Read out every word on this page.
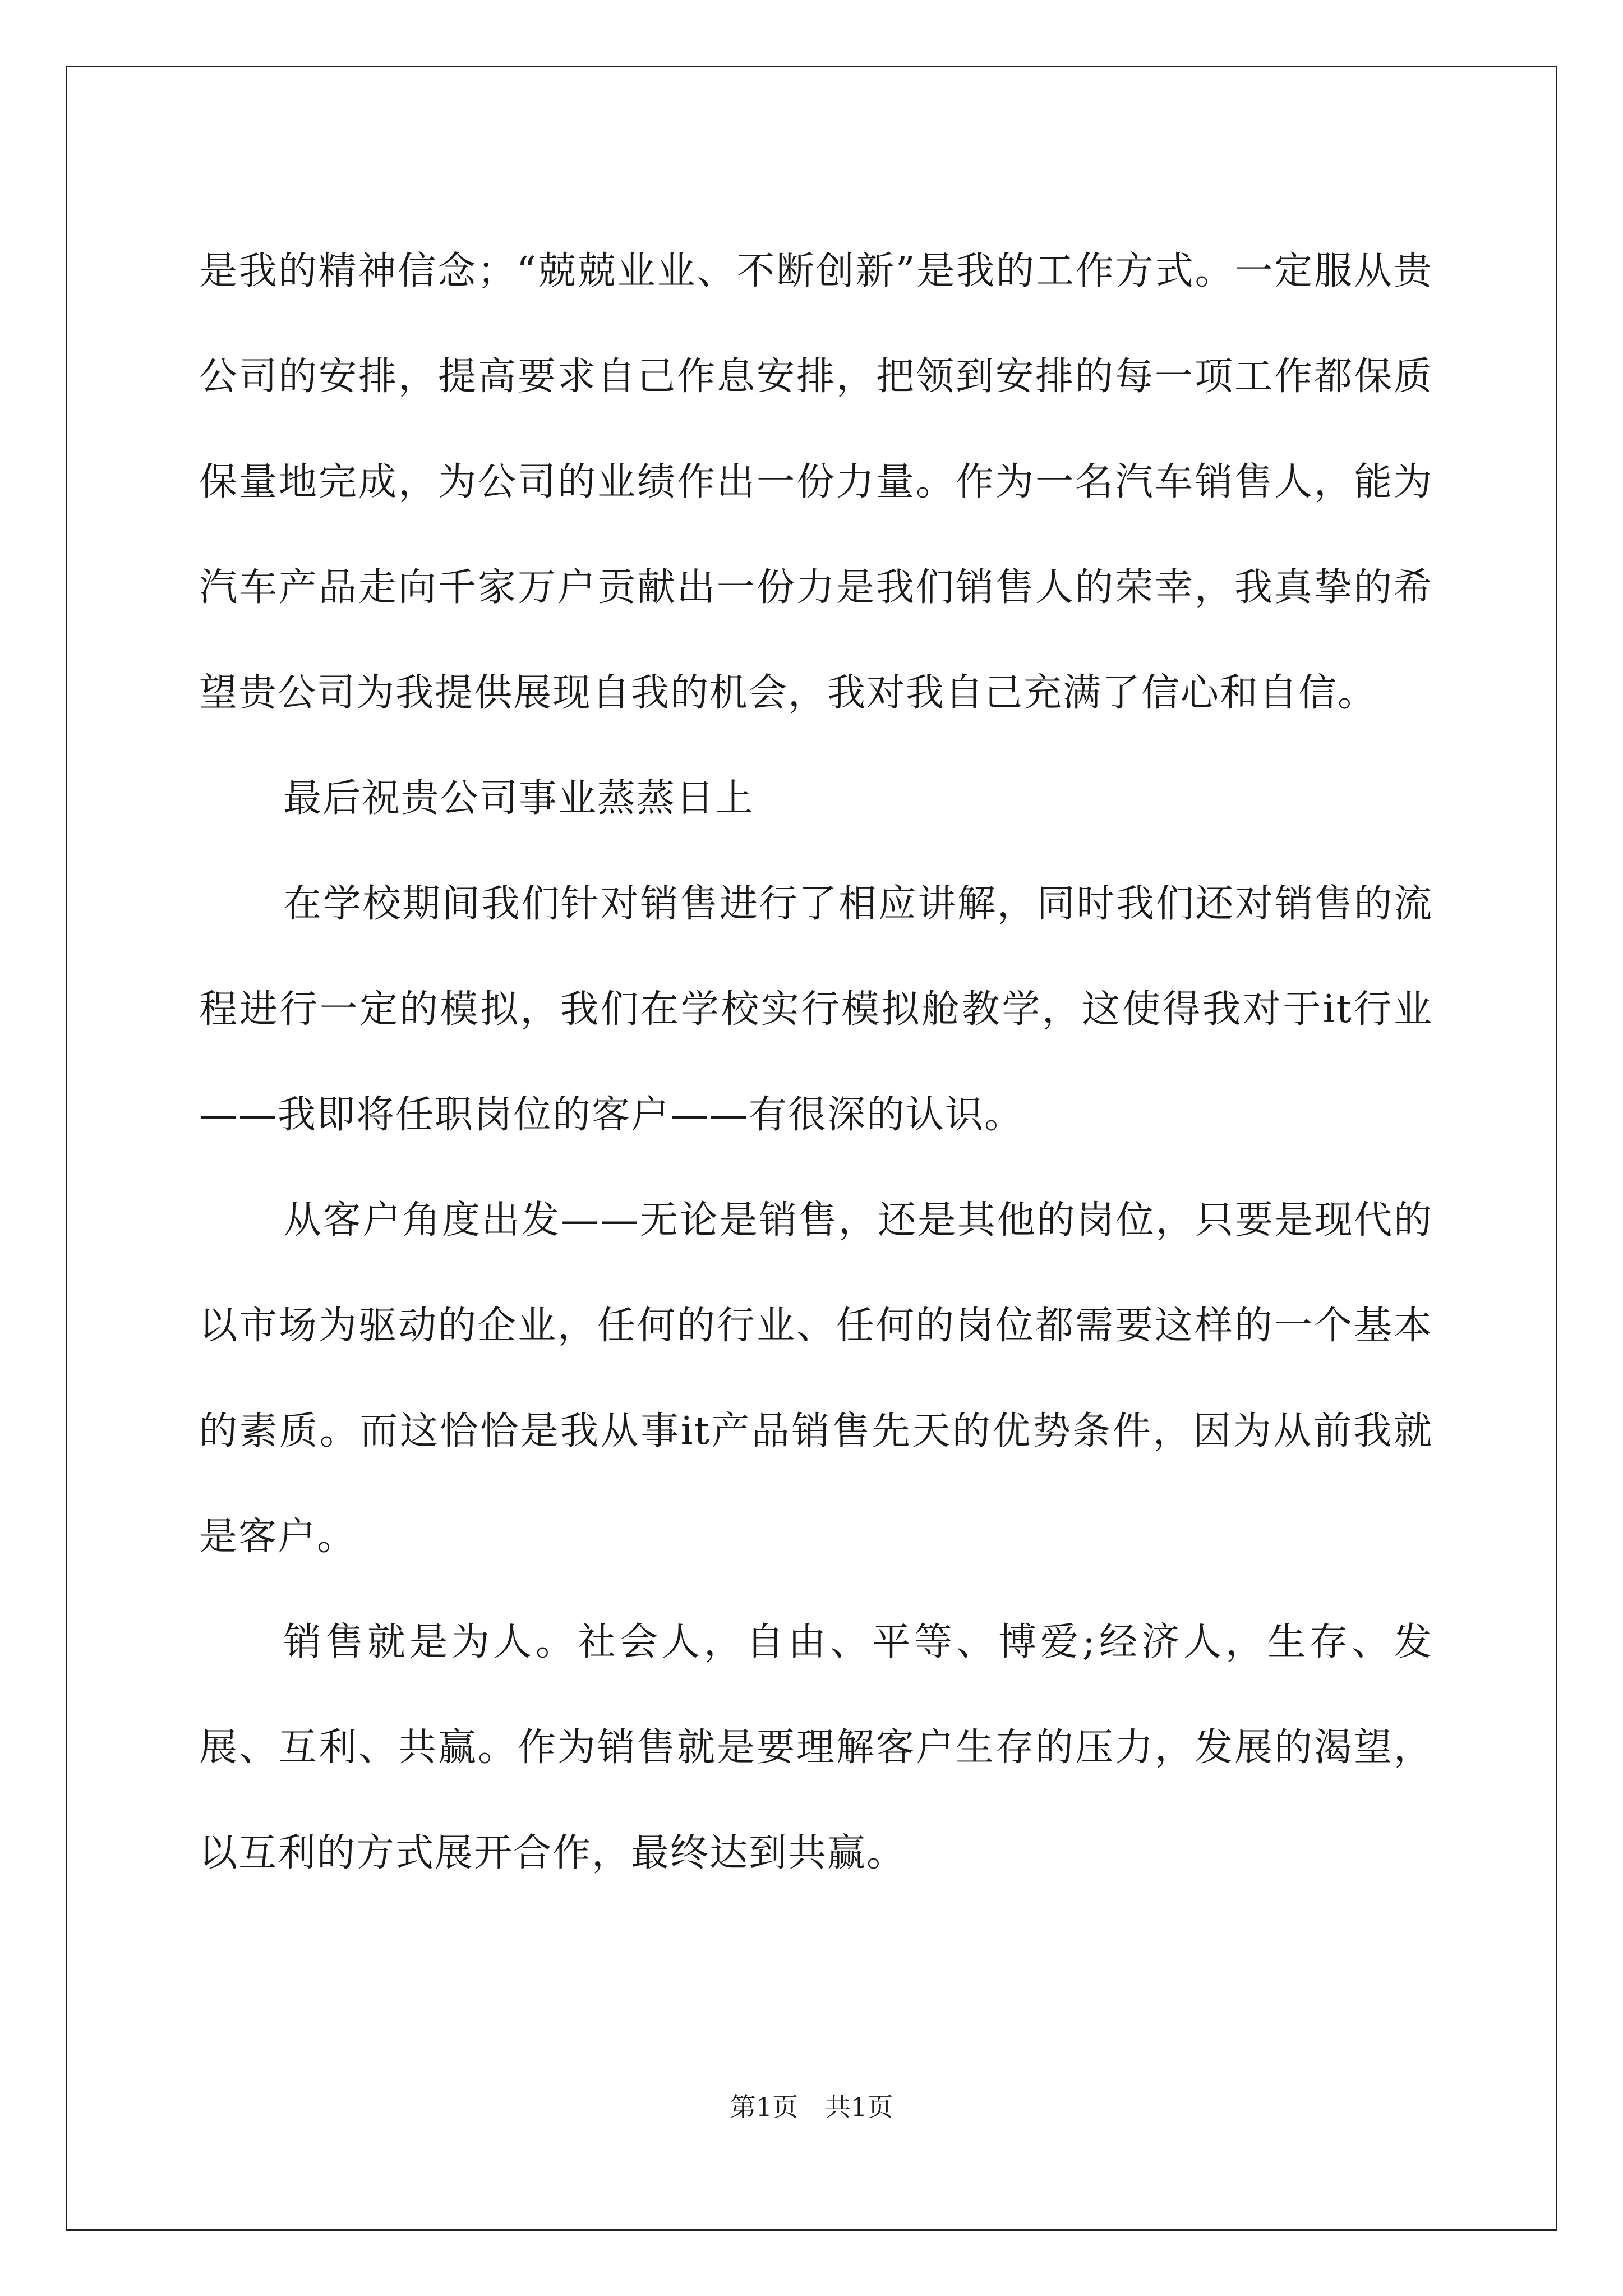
是我的精神信念；“兢兢业业、不断创新”是我的工作方式。一定服从贵公司的安排，提高要求自己作息安排，把领到安排的每一项工作都保质保量地完成，为公司的业绩作出一份力量。作为一名汽车销售人，能为汽车产品走向千家万户贡献出一份力是我们销售人的荣幸，我真挚的希望贵公司为我提供展现自我的机会，我对我自己充满了信心和自信。

最后祝贵公司事业蒸蒸日上

在学校期间我们针对销售进行了相应讲解，同时我们还对销售的流程进行一定的模拟，我们在学校实行模拟舱教学，这使得我对于it行业——我即将任职岗位的客户——有很深的认识。

从客户角度出发——无论是销售，还是其他的岗位，只要是现代的以市场为驱动的企业，任何的行业、任何的岗位都需要这样的一个基本的素质。而这恰恰是我从事it产品销售先天的优势条件，因为从前我就是客户。

销售就是为人。社会人，自由、平等、博爱;经济人，生存、发展、互利、共赢。作为销售就是要理解客户生存的压力，发展的渴望，以互利的方式展开合作，最终达到共赢。

第1页 共1页
